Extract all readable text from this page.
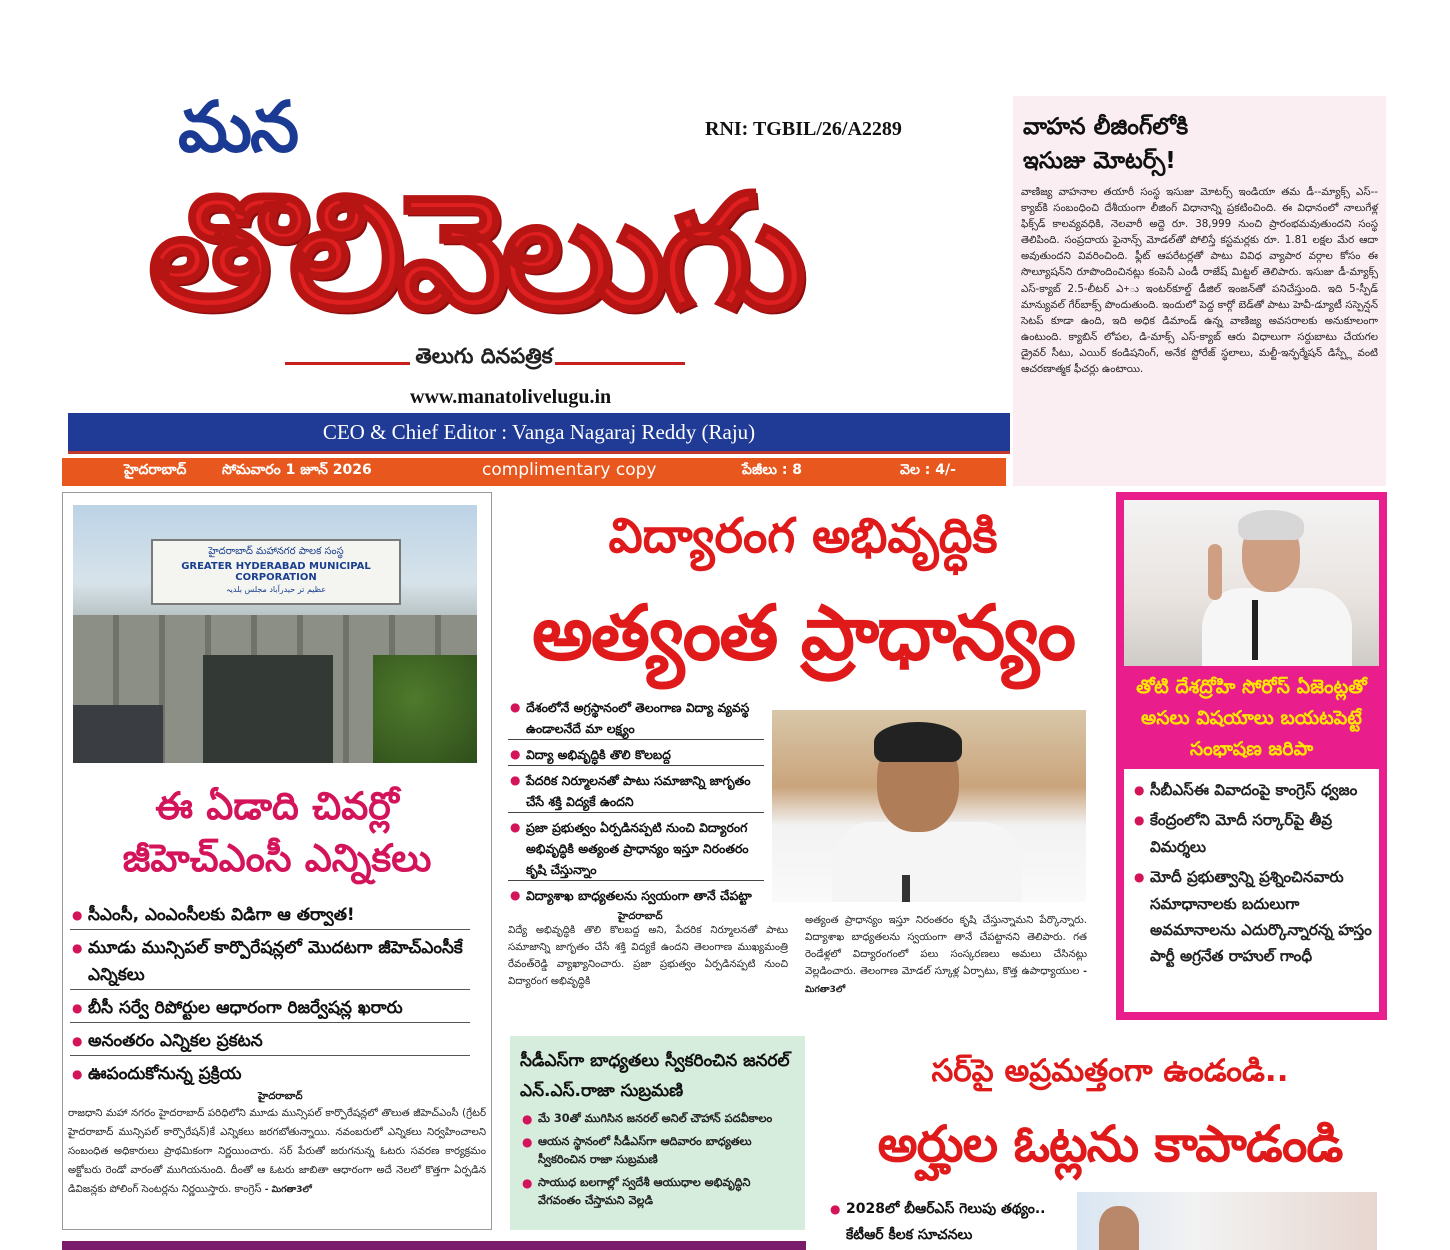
మన	RNI: TGBIL/26/A2289
తొలివెలుగు
తెలుగు దినపత్రిక
www.manatolivelugu.in
CEO & Chief Editor : Vanga Nagaraj Reddy (Raju)
హైదరాబాద్	సోమవారం 1 జూన్ 2026	complimentary copy	పేజీలు : 8	వెల : 4/-
వాహన లీజింగ్‌లోకి
ఇసుజు మోటర్స్!

వాణిజ్య వాహనాల తయారీ సంస్థ ఇసుజు మోటర్స్ ఇండియా తమ డీ--మ్యాక్స్ ఎస్--క్యాబ్‌కి సంబంధించి దేశీయంగా లీజింగ్ విధానాన్ని ప్రకటించింది. ఈ విధానంలో నాలుగేళ్ల ఫిక్స్‌డ్ కాలవ్యవధికి, నెలవారీ అద్దె రూ. 38,999 నుంచి ప్రారంభమవుతుందని సంస్థ తెలిపింది. సంప్రదాయ ఫైనాన్స్ మోడల్‌తో పోలిస్తే కస్టమర్లకు రూ. 1.81 లక్షల మేర ఆదా అవుతుందని వివరించింది. ఫ్లీట్ ఆపరేటర్లతో పాటు వివిధ వ్యాపార వర్గాల కోసం ఈ సొల్యూషన్‌ని రూపొందించినట్లు కంపెనీ ఎండీ రాజేష్ మిట్టల్ తెలిపారు. ఇసుజు డీ-మ్యాక్స్ ఎస్-క్యాబ్ 2.5-లీటర్ ఎ+ు ఇంటర్‌కూల్డ్ డీజిల్ ఇంజన్‌తో పనిచేస్తుంది. ఇది 5-స్పీడ్ మాన్యువల్ గేర్‌బాక్స్ పొందుతుంది. ఇందులో పెద్ద కార్గో బెడ్‌తో పాటు హెవీ-డ్యూటీ సస్పెన్షన్ సెటప్ కూడా ఉంది, ఇది అధిక డిమాండ్ ఉన్న వాణిజ్య అవసరాలకు అనుకూలంగా ఉంటుంది. క్యాబిన్ లోపల, డి-మాక్స్ ఎస్-క్యాబ్ ఆరు విధాలుగా సర్దుబాటు చేయగల డ్రైవర్ సీటు, ఎయిర్ కండిషనింగ్, అనేక స్టోరేజ్ స్థలాలు, మల్టీ-ఇన్ఫర్మేషన్ డిస్ప్లే వంటి ఆచరణాత్మక ఫీచర్లు ఉంటాయి.

హైదరాబాద్ మహానగర పాలక సంస్థ
GREATER HYDERABAD MUNICIPAL CORPORATION
عظیم تر حیدرآباد مجلس بلدیہ
ఈ ఏడాది చివర్లో
జీహెచ్ఎంసీ ఎన్నికలు
● సీఎంసీ, ఎంఎంసీలకు విడిగా ఆ తర్వాత!
● మూడు మున్సిపల్ కార్పొరేషన్లలో మొదటగా జీహెచ్ఎంసీకే ఎన్నికలు
● బీసీ సర్వే రిపోర్టుల ఆధారంగా రిజర్వేషన్ల ఖరారు
● అనంతరం ఎన్నికల ప్రకటన
● ఊపందుకోనున్న ప్రక్రియ
హైదరాబాద్
రాజధాని మహా నగరం హైదరాబాద్ పరిధిలోని మూడు మున్సిపల్ కార్పొరేషన్లలో తొలుత జీహెచ్ఎంసీ (గ్రేటర్ హైదరాబాద్ మున్సిపల్ కార్పొరేషన్)కే ఎన్నికలు జరగబోతున్నాయి. నవంబరులో ఎన్నికలు నిర్వహించాలని సంబంధిత అధికారులు ప్రాథమికంగా నిర్ణయించారు. సర్ పేరుతో జరుగనున్న ఓటరు సవరణ కార్యక్రమం అక్టోబరు రెండో వారంతో ముగియనుంది. దీంతో ఆ ఓటరు జాబితా ఆధారంగా అదే నెలలో కొత్తగా ఏర్పడిన డివిజన్లకు పోలింగ్ సెంటర్లను నిర్ణయిస్తారు. కాంగ్రెస్ - మిగతా3లో
విద్యారంగ అభివృద్ధికి
అత్యంత ప్రాధాన్యం
● దేశంలోనే అగ్రస్థానంలో తెలంగాణ విద్యా వ్యవస్థ ఉండాలనేదే మా లక్ష్యం
● విద్యా అభివృద్ధికి తొలి కొలబద్ద
● పేదరిక నిర్మూలనతో పాటు సమాజాన్ని జాగృతం చేసే శక్తి విద్యకే ఉందని
● ప్రజా ప్రభుత్వం ఏర్పడినప్పటి నుంచి విద్యారంగ అభివృద్ధికి అత్యంత ప్రాధాన్యం ఇస్తూ నిరంతరం కృషి చేస్తున్నాం
● విద్యాశాఖ బాధ్యతలను స్వయంగా తానే చేపట్టా
హైదరాబాద్
విద్యే అభివృద్ధికి తొలి కొలబద్ద అని, పేదరిక నిర్మూలనతో పాటు సమాజాన్ని జాగృతం చేసే శక్తి విద్యకే ఉందని తెలంగాణ ముఖ్యమంత్రి రేవంత్‌రెడ్డి వ్యాఖ్యానించారు. ప్రజా ప్రభుత్వం ఏర్పడినప్పటి నుంచి విద్యారంగ అభివృద్ధికి
అత్యంత ప్రాధాన్యం ఇస్తూ నిరంతరం కృషి చేస్తున్నామని పేర్కొన్నారు. విద్యాశాఖ బాధ్యతలను స్వయంగా తానే చేపట్టానని తెలిపారు. గత రెండేళ్లలో విద్యారంగంలో పలు సంస్కరణలు అమలు చేసినట్లు వెల్లడించారు. తెలంగాణ మోడల్ స్కూళ్ల ఏర్పాటు, కొత్త ఉపాధ్యాయుల - మిగతా3లో
తోటి దేశద్రోహి సోరోస్ ఏజెంట్లతో అసలు విషయాలు బయటపెట్టే సంభాషణ జరిపా
● సీబీఎస్ఈ వివాదంపై కాంగ్రెస్ ధ్వజం
● కేంద్రంలోని మోదీ సర్కార్‌పై తీవ్ర విమర్శలు
● మోదీ ప్రభుత్వాన్ని ప్రశ్నించినవారు సమాధానాలకు బదులుగా అవమానాలను ఎదుర్కొన్నారన్న హస్తం పార్టీ అగ్రనేత రాహుల్ గాంధీ
సీడీఎస్‌గా బాధ్యతలు స్వీకరించిన జనరల్ ఎన్.ఎస్.రాజా సుబ్రమణి
● మే 30తో ముగిసిన జనరల్ అనిల్ చౌహాన్ పదవీకాలం
● ఆయన స్థానంలో సీడీఎస్‌గా ఆదివారం బాధ్యతలు స్వీకరించిన రాజా సుబ్రమణి
● సాయుధ బలగాల్లో స్వదేశీ ఆయుధాల అభివృద్ధిని వేగవంతం చేస్తామని వెల్లడి
సర్‌పై అప్రమత్తంగా ఉండండి..
అర్హుల ఓట్లను కాపాడండి
● 2028లో బీఆర్ఎస్ గెలుపు తథ్యం.. కేటీఆర్ కీలక సూచనలు
